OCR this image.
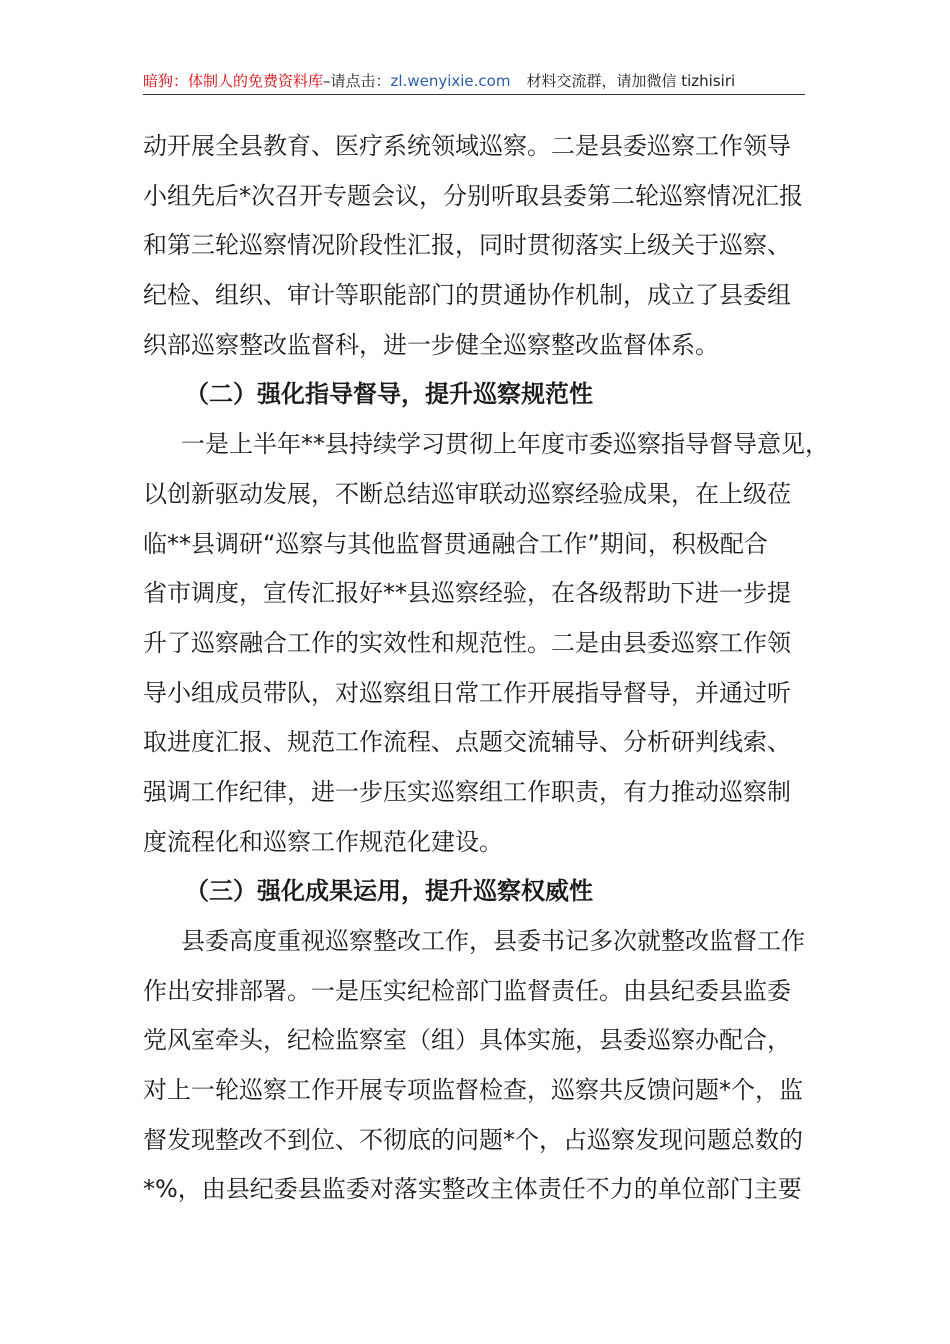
暗狗：体制人的免费资料库–请点击：zl.wenyixie.com 材料交流群，请加微信 tizhisiri
动开展全县教育、医疗系统领域巡察。二是县委巡察工作领导
小组先后*次召开专题会议，分别听取县委第二轮巡察情况汇报
和第三轮巡察情况阶段性汇报，同时贯彻落实上级关于巡察、
纪检、组织、审计等职能部门的贯通协作机制，成立了县委组
织部巡察整改监督科，进一步健全巡察整改监督体系。
（二）强化指导督导，提升巡察规范性
一是上半年**县持续学习贯彻上年度市委巡察指导督导意见，
以创新驱动发展，不断总结巡审联动巡察经验成果，在上级莅
临**县调研“巡察与其他监督贯通融合工作”期间，积极配合
省市调度，宣传汇报好**县巡察经验，在各级帮助下进一步提
升了巡察融合工作的实效性和规范性。二是由县委巡察工作领
导小组成员带队，对巡察组日常工作开展指导督导，并通过听
取进度汇报、规范工作流程、点题交流辅导、分析研判线索、
强调工作纪律，进一步压实巡察组工作职责，有力推动巡察制
度流程化和巡察工作规范化建设。
（三）强化成果运用，提升巡察权威性
县委高度重视巡察整改工作，县委书记多次就整改监督工作
作出安排部署。一是压实纪检部门监督责任。由县纪委县监委
党风室牵头，纪检监察室（组）具体实施，县委巡察办配合，
对上一轮巡察工作开展专项监督检查，巡察共反馈问题*个，监
督发现整改不到位、不彻底的问题*个，占巡察发现问题总数的
*%，由县纪委县监委对落实整改主体责任不力的单位部门主要
